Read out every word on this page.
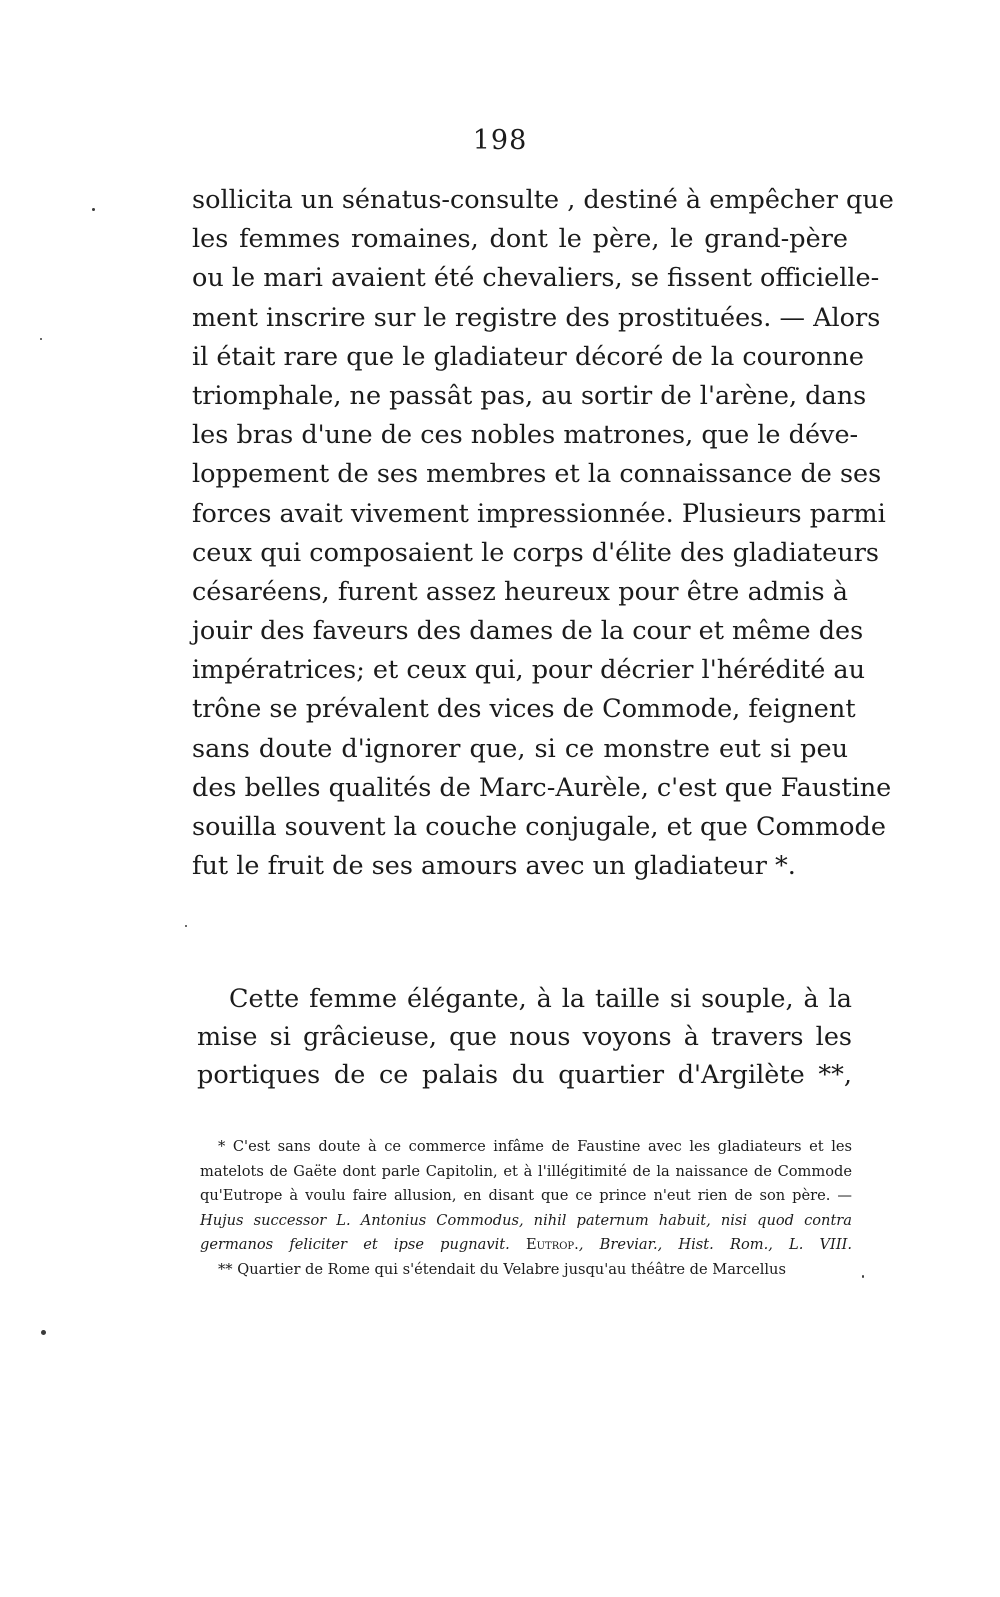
198
sollicita un sénatus-consulte , destiné à empêcher que
les femmes romaines, dont le père, le grand-père
ou le mari avaient été chevaliers, se fissent officielle-
ment inscrire sur le registre des prostituées. — Alors
il était rare que le gladiateur décoré de la couronne
triomphale, ne passât pas, au sortir de l'arène, dans
les bras d'une de ces nobles matrones, que le déve-
loppement de ses membres et la connaissance de ses
forces avait vivement impressionnée. Plusieurs parmi
ceux qui composaient le corps d'élite des gladiateurs
césaréens, furent assez heureux pour être admis à
jouir des faveurs des dames de la cour et même des
impératrices; et ceux qui, pour décrier l'hérédité au
trône se prévalent des vices de Commode, feignent
sans doute d'ignorer que, si ce monstre eut si peu
des belles qualités de Marc-Aurèle, c'est que Faustine
souilla souvent la couche conjugale, et que Commode
fut le fruit de ses amours avec un gladiateur *.
Cette femme élégante, à la taille si souple, à la
mise si grâcieuse, que nous voyons à travers les
portiques de ce palais du quartier d'Argilète **,
* C'est sans doute à ce commerce infâme de Faustine avec les gladiateurs et les
matelots de Gaëte dont parle Capitolin, et à l'illégitimité de la naissance de Commode
qu'Eutrope à voulu faire allusion, en disant que ce prince n'eut rien de son père. —
Hujus successor L. Antonius Commodus, nihil paternum habuit, nisi quod contra
germanos feliciter et ipse pugnavit. Eutrop., Breviar., Hist. Rom., L. VIII.
** Quartier de Rome qui s'étendait du Velabre jusqu'au théâtre de Marcellus
